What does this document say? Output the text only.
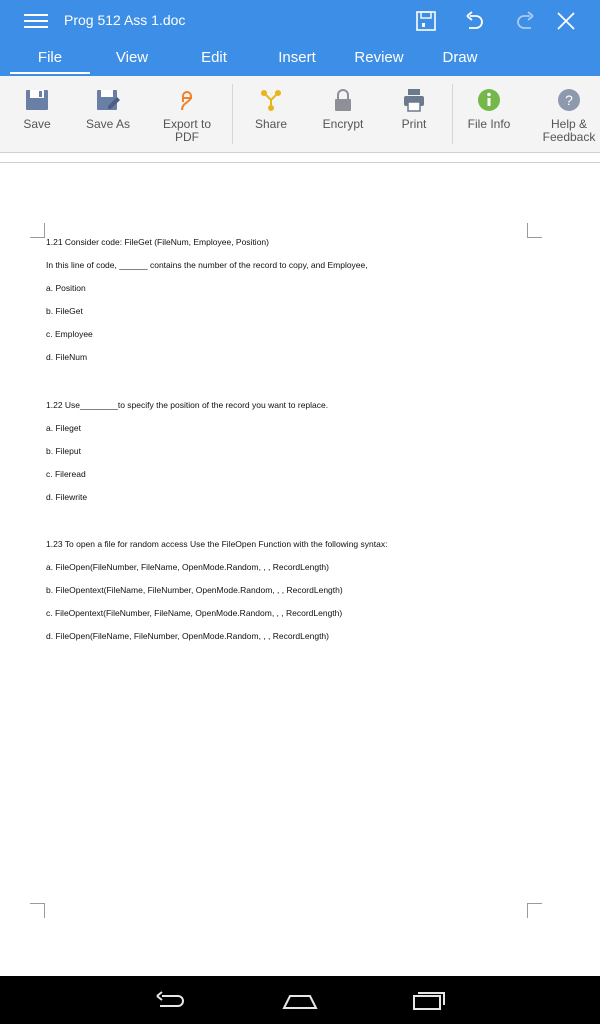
Prog 512 Ass 1.doc
File	View	Edit	Insert	Review	Draw
Save	Save As	Export to
PDF
Share	Encrypt	Print	File Info
?
Help &
Feedback
1.21 Consider code: FileGet (FileNum, Employee, Position)
In this line of code, ______ contains the number of the record to copy, and Employee,
a. Position
b. FileGet
c. Employee
d. FileNum
1.22 Use________to specify the position of the record you want to replace.
a. Fileget
b. Fileput
c. Fileread
d. Filewrite
1.23 To open a file for random access Use the FileOpen Function with the following syntax:
a. FileOpen(FileNumber, FileName, OpenMode.Random, , , RecordLength)
b. FileOpentext(FileName, FileNumber, OpenMode.Random, , , RecordLength)
c. FileOpentext(FileNumber, FileName, OpenMode.Random, , , RecordLength)
d. FileOpen(FileName, FileNumber, OpenMode.Random, , , RecordLength)
